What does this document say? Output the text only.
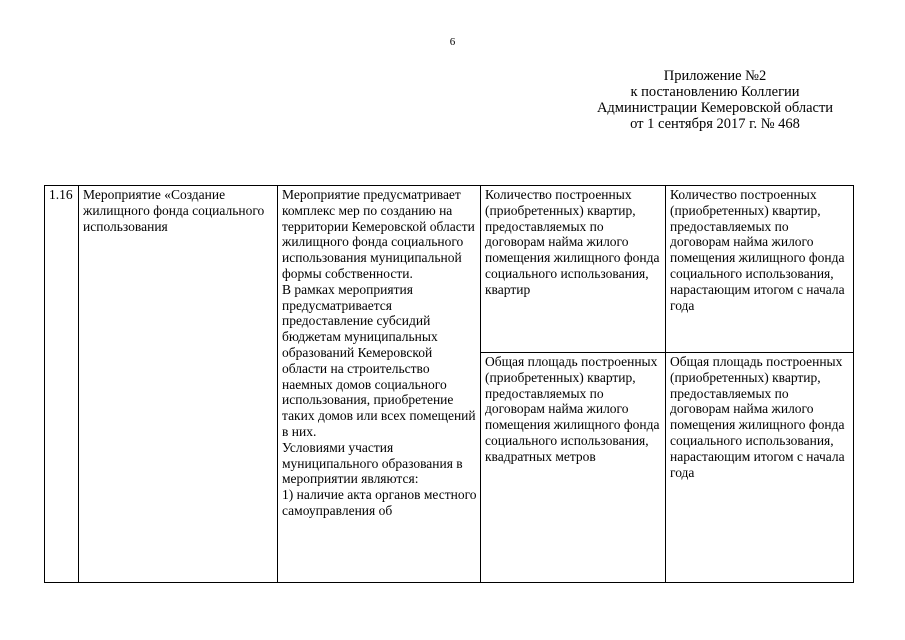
6
Приложение №2
к постановлению Коллегии
Администрации Кемеровской области
от 1 сентября 2017 г. № 468
1.16	Мероприятие «Создание жилищного фонда социального использования	Мероприятие предусматривает комплекс мер по созданию на территории Кемеровской области жилищного фонда социального использования муниципальной формы собственности.
В рамках мероприятия предусматривается предоставление субсидий бюджетам муниципальных образований Кемеровской области на строительство наемных домов социального использования, приобретение таких домов или всех помещений в них.
Условиями участия муниципального образования в мероприятии являются:
1) наличие акта органов местного самоуправления об	Количество построенных (приобретенных) квартир, предоставляемых по договорам найма жилого помещения жилищного фонда социального использования, квартир	Количество построенных (приобретенных) квартир, предоставляемых по договорам найма жилого помещения жилищного фонда социального использования, нарастающим итогом с начала года
			Общая площадь построенных (приобретенных) квартир, предоставляемых по договорам найма жилого помещения жилищного фонда социального использования, квадратных метров	Общая площадь построенных (приобретенных) квартир, предоставляемых по договорам найма жилого помещения жилищного фонда социального использования, нарастающим итогом с начала года
